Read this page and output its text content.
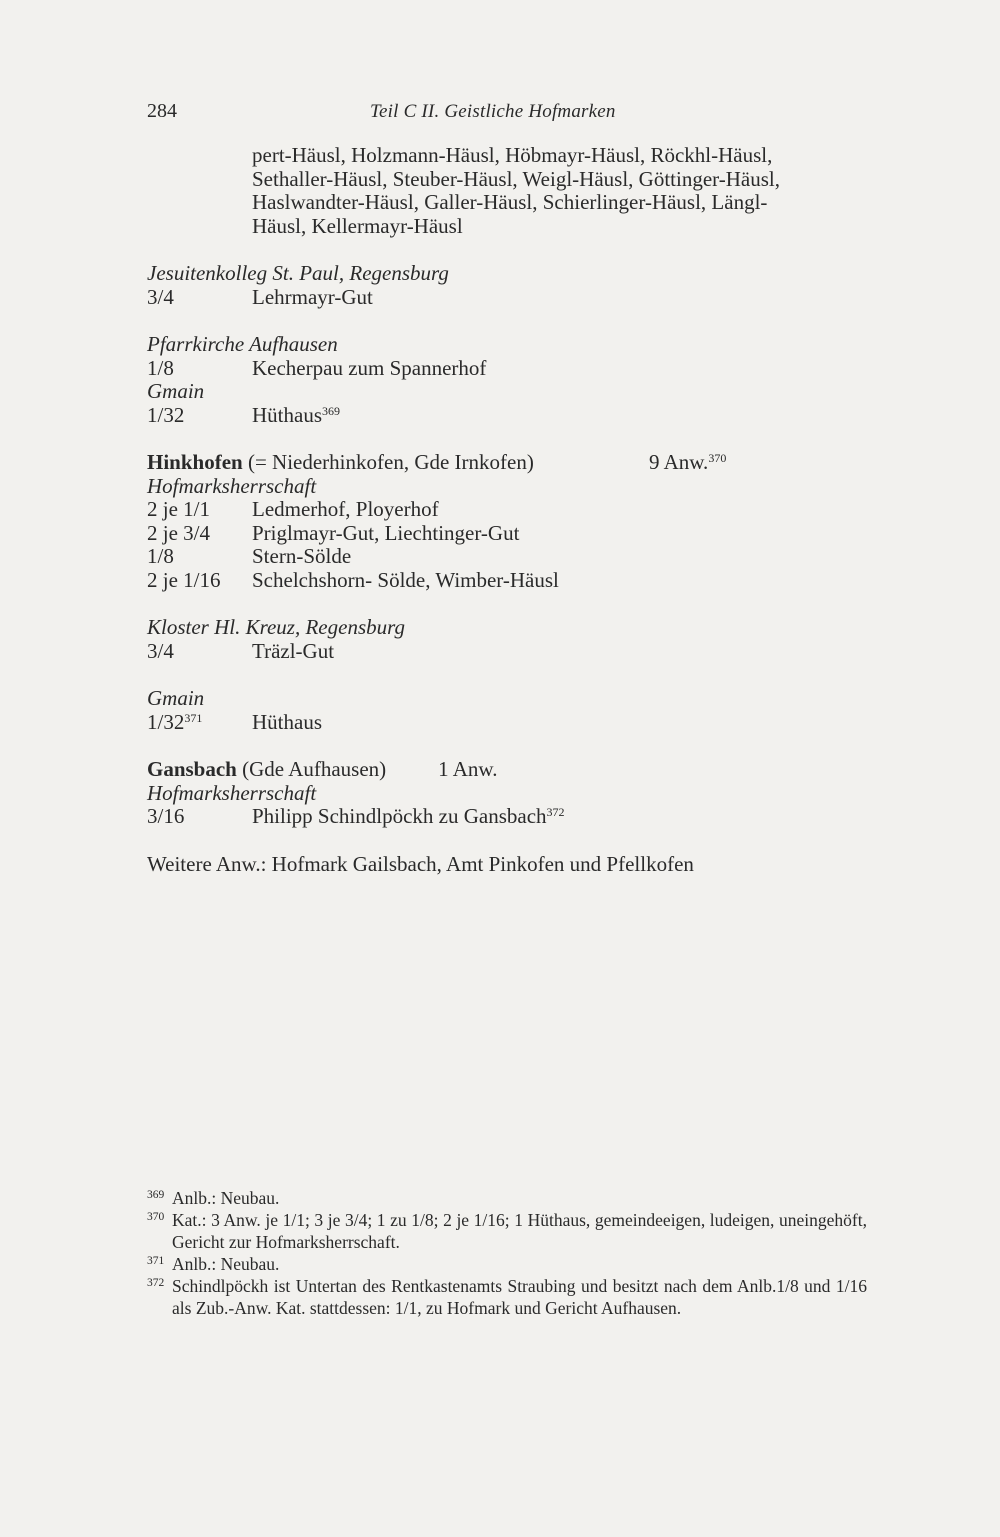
284	Teil C II. Geistliche Hofmarken
pert-Häusl, Holzmann-Häusl, Höbmayr-Häusl, Röckhl-Häusl,
Sethaller-Häusl, Steuber-Häusl, Weigl-Häusl, Göttinger-Häusl,
Haslwandter-Häusl, Galler-Häusl, Schierlinger-Häusl, Längl-
Häusl, Kellermayr-Häusl
Jesuitenkolleg St. Paul, Regensburg
3/4	Lehrmayr-Gut
Pfarrkirche Aufhausen
1/8	Kecherpau zum Spannerhof
Gmain
1/32	Hüthaus$^{369}$
Hinkhofen (= Niederhinkofen, Gde Irnkofen)	9 Anw.$^{370}$
Hofmarksherrschaft
2 je 1/1	Ledmerhof, Ployerhof
2 je 3/4	Priglmayr-Gut, Liechtinger-Gut
1/8	Stern-Sölde
2 je 1/16	Schelchshorn- Sölde, Wimber-Häusl
Kloster Hl. Kreuz, Regensburg
3/4	Träzl-Gut
Gmain
$1/32^{371}$	Hüthaus
Gansbach (Gde Aufhausen) 1 Anw.
Hofmarksherrschaft
3/16	Philipp Schindlpöckh zu Gansbach$^{372}$
Weitere Anw.: Hofmark Gailsbach, Amt Pinkofen und Pfellkofen
369 Anlb.: Neubau.
370 Kat.: 3 Anw. je 1/1; 3 je 3/4; 1 zu 1/8; 2 je 1/16; 1 Hüthaus, gemeindeeigen, ludeigen, uneingehöft, Gericht zur Hofmarksherrschaft.
371 Anlb.: Neubau.
372 Schindlpöckh ist Untertan des Rentkastenamts Straubing und besitzt nach dem Anlb.1/8 und 1/16 als Zub.-Anw. Kat. stattdessen: 1/1, zu Hofmark und Gericht Aufhausen.
